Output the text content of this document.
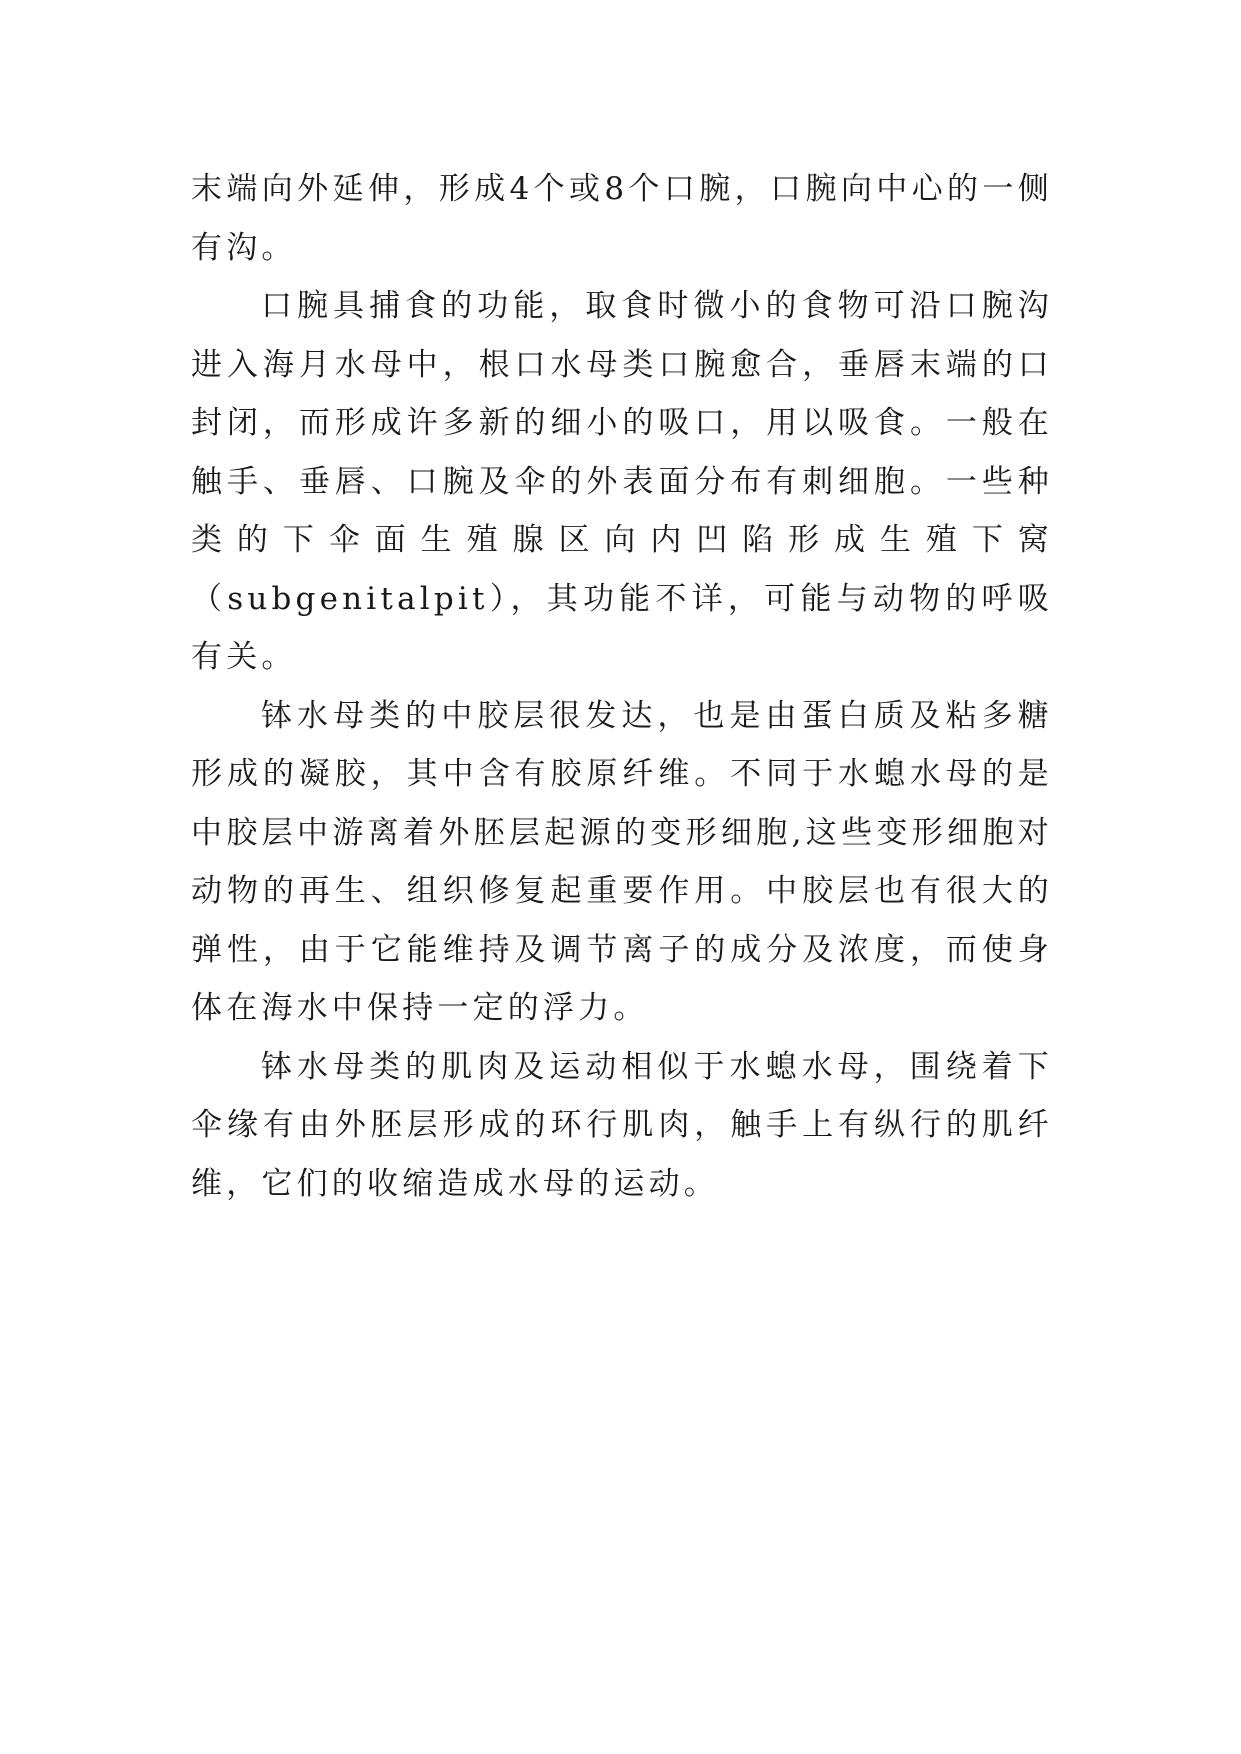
末端向外延伸，形成4个或8个口腕，口腕向中心的一侧有沟。

口腕具捕食的功能，取食时微小的食物可沿口腕沟进入海月水母中，根口水母类口腕愈合，垂唇末端的口封闭，而形成许多新的细小的吸口，用以吸食。一般在触手、垂唇、口腕及伞的外表面分布有刺细胞。一些种类的下伞面生殖腺区向内凹陷形成生殖下窝（subgenitalpit），其功能不详，可能与动物的呼吸有关。

钵水母类的中胶层很发达，也是由蛋白质及粘多糖形成的凝胶，其中含有胶原纤维。不同于水螅水母的是中胶层中游离着外胚层起源的变形细胞,这些变形细胞对动物的再生、组织修复起重要作用。中胶层也有很大的弹性，由于它能维持及调节离子的成分及浓度，而使身体在海水中保持一定的浮力。

钵水母类的肌肉及运动相似于水螅水母，围绕着下伞缘有由外胚层形成的环行肌肉，触手上有纵行的肌纤维，它们的收缩造成水母的运动。
